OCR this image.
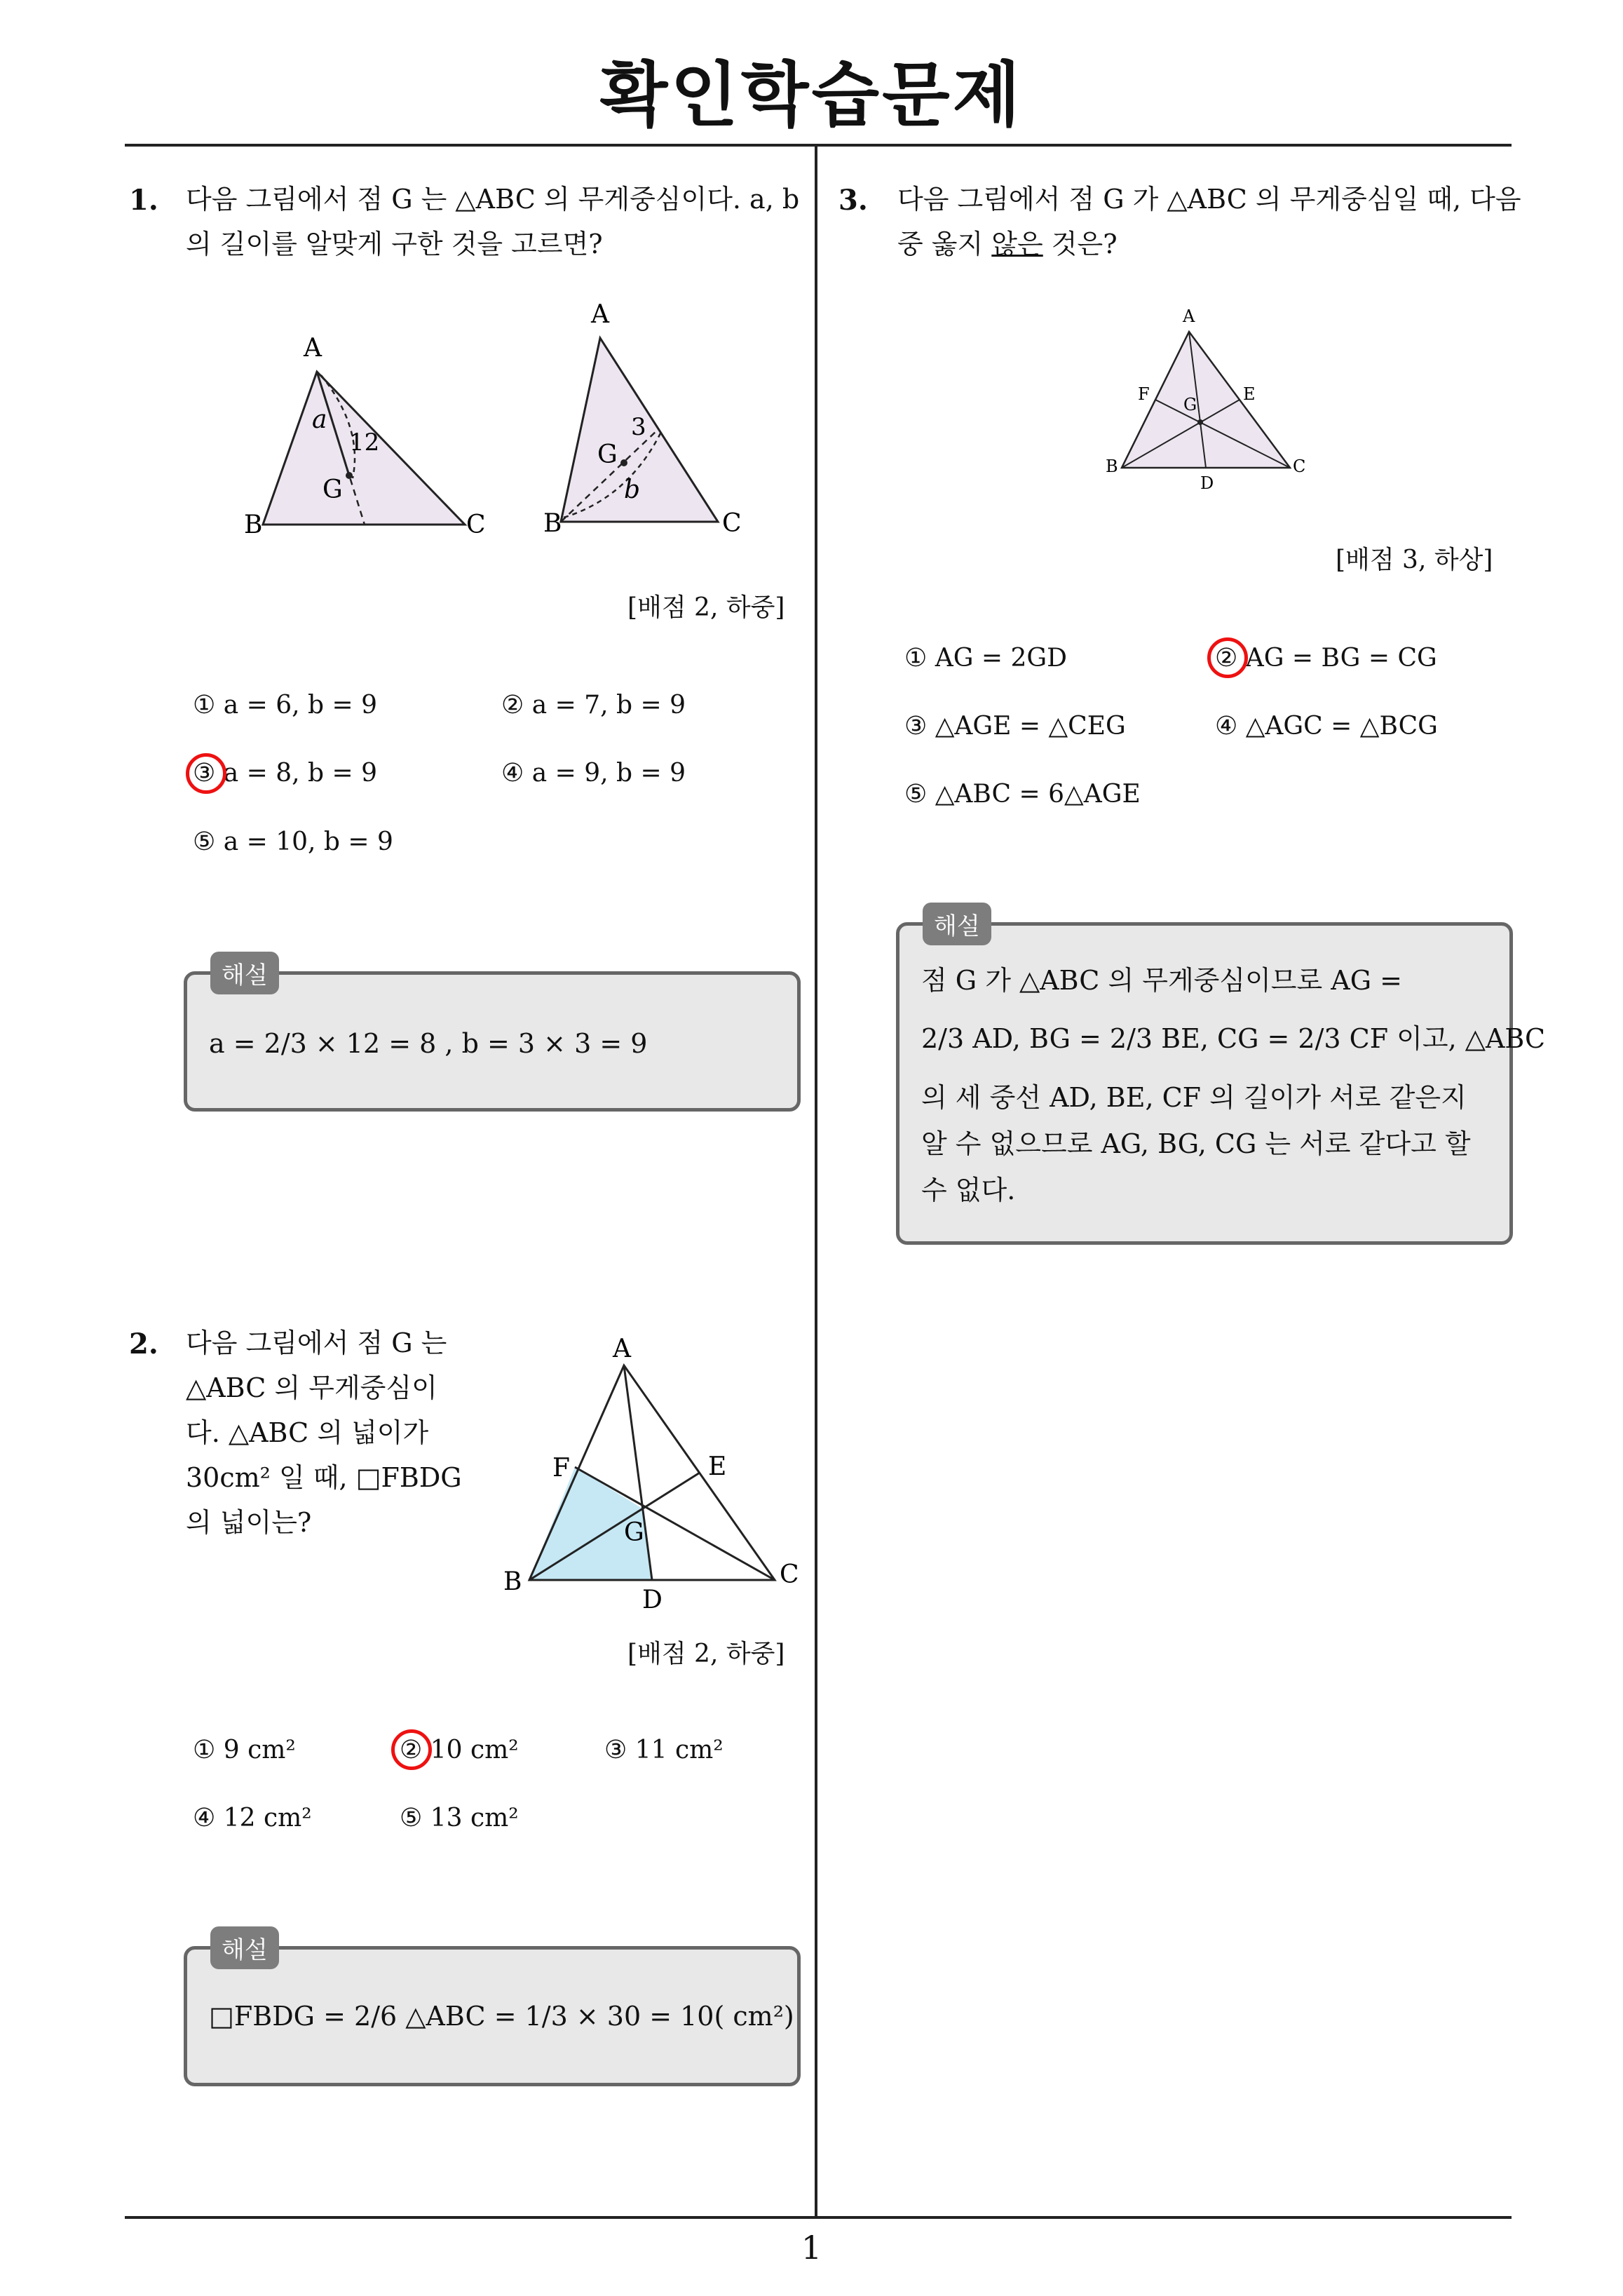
확인학습문제
1
1. 다음 그림에서 점 G 는 △ABC 의 무게중심이다. a, b
의 길이를 알맞게 구한 것을 고르면?
A
B	C
G
a
12
A
B	C
G
b
3
[배점 2, 하중]
① a = 6, b = 9	② a = 7, b = 9
③ a = 8, b = 9	④ a = 9, b = 9
⑤ a = 10, b = 9
해설
a = 2/3 × 12 = 8 , b = 3 × 3 = 9
2. 다음 그림에서 점 G 는
△ABC 의 무게중심이
다. △ABC 의 넓이가
30cm² 일 때, □FBDG
의 넓이는?
A
B	C
D
E
F
G
[배점 2, 하중]
① 9 cm²	② 10 cm²	③ 11 cm²
④ 12 cm²	⑤ 13 cm²
해설
□FBDG = 2/6 △ABC = 1/3 × 30 = 10( cm²)
3. 다음 그림에서 점 G 가 △ABC 의 무게중심일 때, 다음
중 옳지 않은 것은?
A
B	C
D
E
F
G
[배점 3, 하상]
① AG = 2GD	② AG = BG = CG
③ △AGE = △CEG	④ △AGC = △BCG
⑤ △ABC = 6△AGE
해설
점 G 가 △ABC 의 무게중심이므로 AG =
2/3 AD, BG = 2/3 BE, CG = 2/3 CF 이고, △ABC
의 세 중선 AD, BE, CF 의 길이가 서로 같은지
알 수 없으므로 AG, BG, CG 는 서로 같다고 할
수 없다.
